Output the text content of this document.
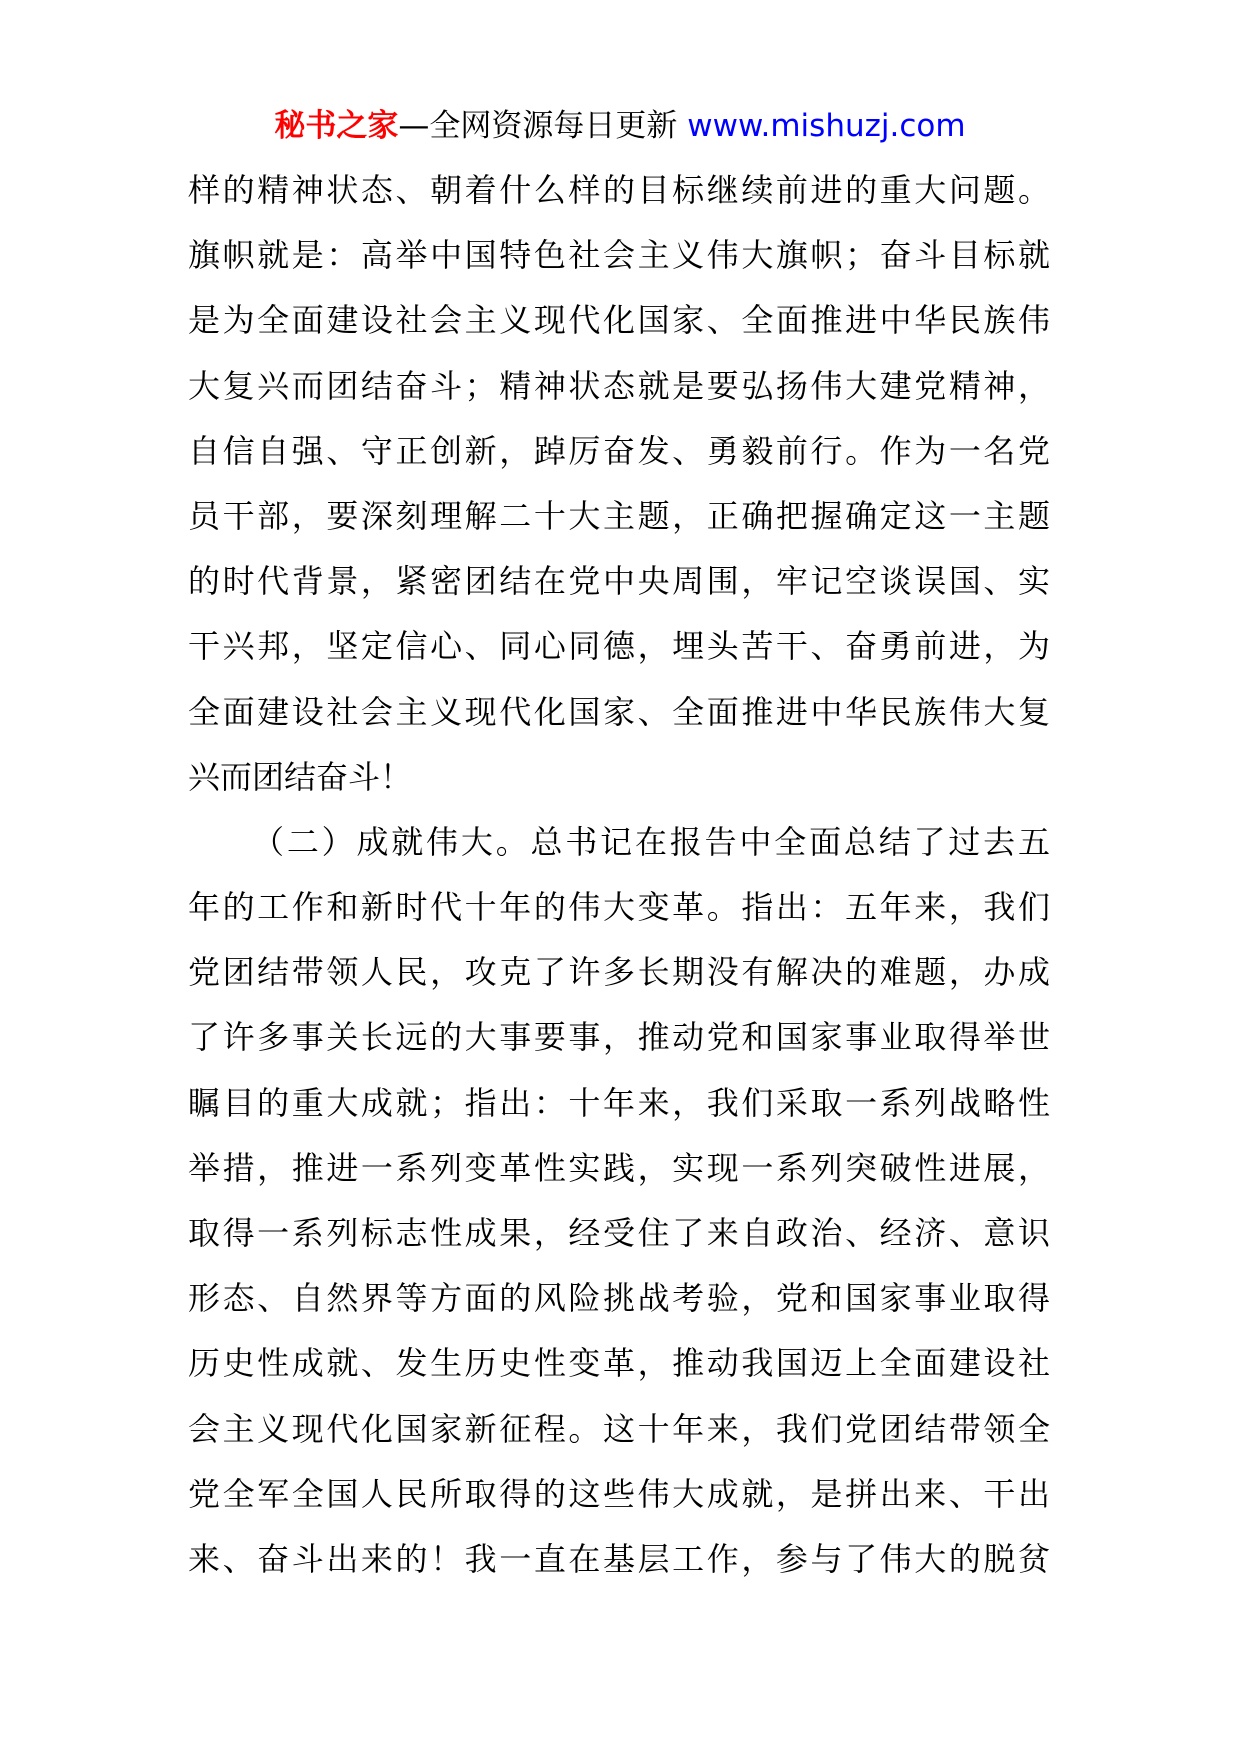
秘书之家—全网资源每日更新 www.mishuzj.com
样的精神状态、朝着什么样的目标继续前进的重大问题。
旗帜就是：高举中国特色社会主义伟大旗帜；奋斗目标就
是为全面建设社会主义现代化国家、全面推进中华民族伟
大复兴而团结奋斗；精神状态就是要弘扬伟大建党精神，
自信自强、守正创新，踔厉奋发、勇毅前行。作为一名党
员干部，要深刻理解二十大主题，正确把握确定这一主题
的时代背景，紧密团结在党中央周围，牢记空谈误国、实
干兴邦，坚定信心、同心同德，埋头苦干、奋勇前进，为
全面建设社会主义现代化国家、全面推进中华民族伟大复
兴而团结奋斗！
（二）成就伟大。总书记在报告中全面总结了过去五
年的工作和新时代十年的伟大变革。指出：五年来，我们
党团结带领人民，攻克了许多长期没有解决的难题，办成
了许多事关长远的大事要事，推动党和国家事业取得举世
瞩目的重大成就；指出：十年来，我们采取一系列战略性
举措，推进一系列变革性实践，实现一系列突破性进展，
取得一系列标志性成果，经受住了来自政治、经济、意识
形态、自然界等方面的风险挑战考验，党和国家事业取得
历史性成就、发生历史性变革，推动我国迈上全面建设社
会主义现代化国家新征程。这十年来，我们党团结带领全
党全军全国人民所取得的这些伟大成就，是拼出来、干出
来、奋斗出来的！我一直在基层工作，参与了伟大的脱贫
